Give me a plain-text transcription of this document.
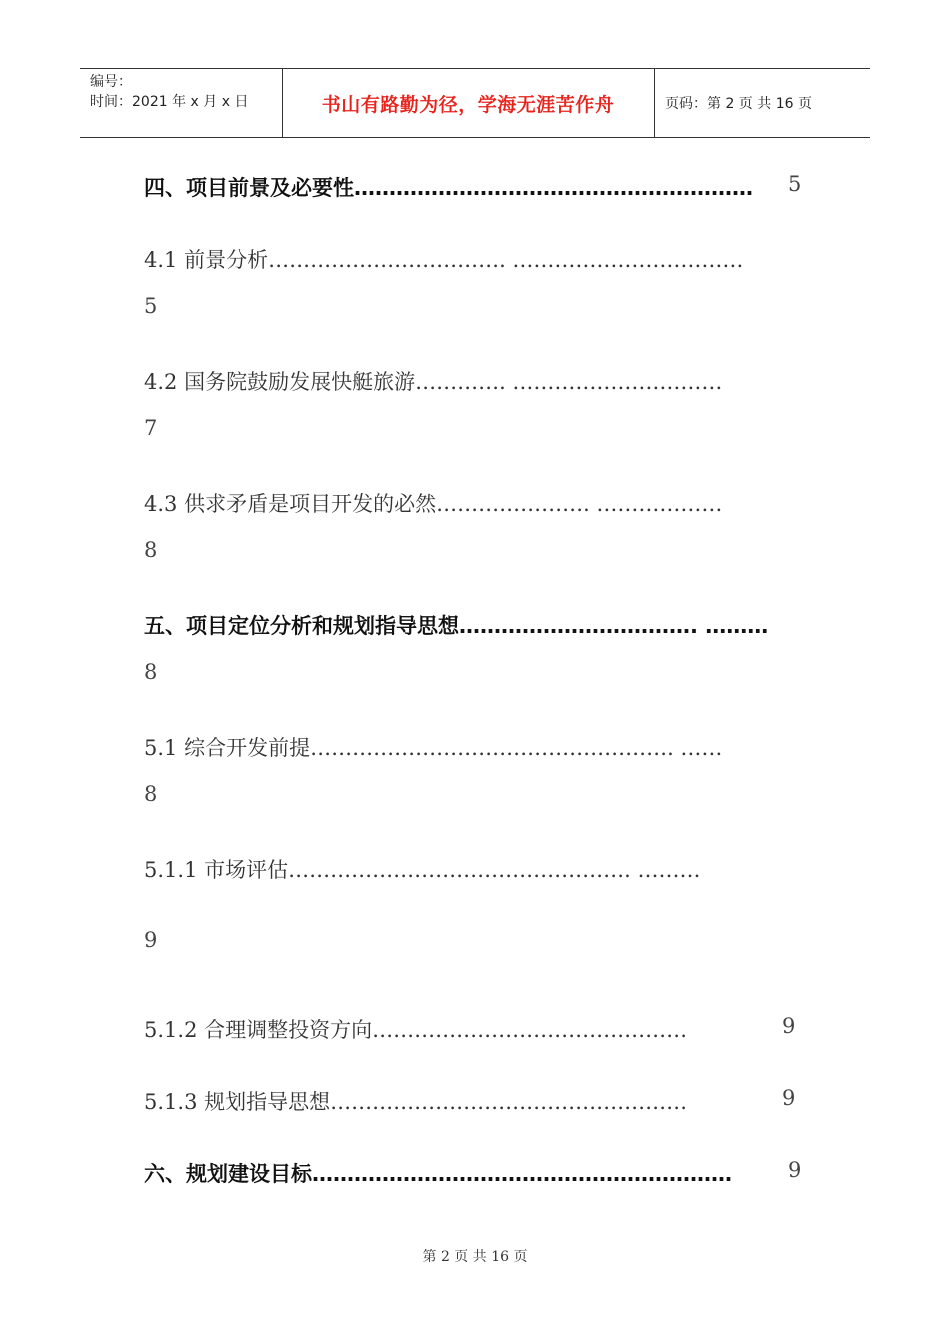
编号：
时间：2021 年 x 月 x 日	书山有路勤为径，学海无涯苦作舟	页码：第 2 页 共 16 页
四、项目前景及必要性………………………………………………… 5
4.1 前景分析……………………………. ……………………………
5
4.2 国务院鼓励发展快艇旅游…………. …………………………
7
4.3 供求矛盾是项目开发的必然…………………. ………………
8
五、项目定位分析和规划指导思想……………………………. ………
8
5.1 综合开发前提……………………………………………. ……
8
5.1.1 市场评估…………………………………………. ………
9
5.1.2 合理调整投资方向………………………………………	9
5.1.3 规划指导思想……………………………………………	9
六、规划建设目标……………………………………………………	9
第 2 页 共 16 页
